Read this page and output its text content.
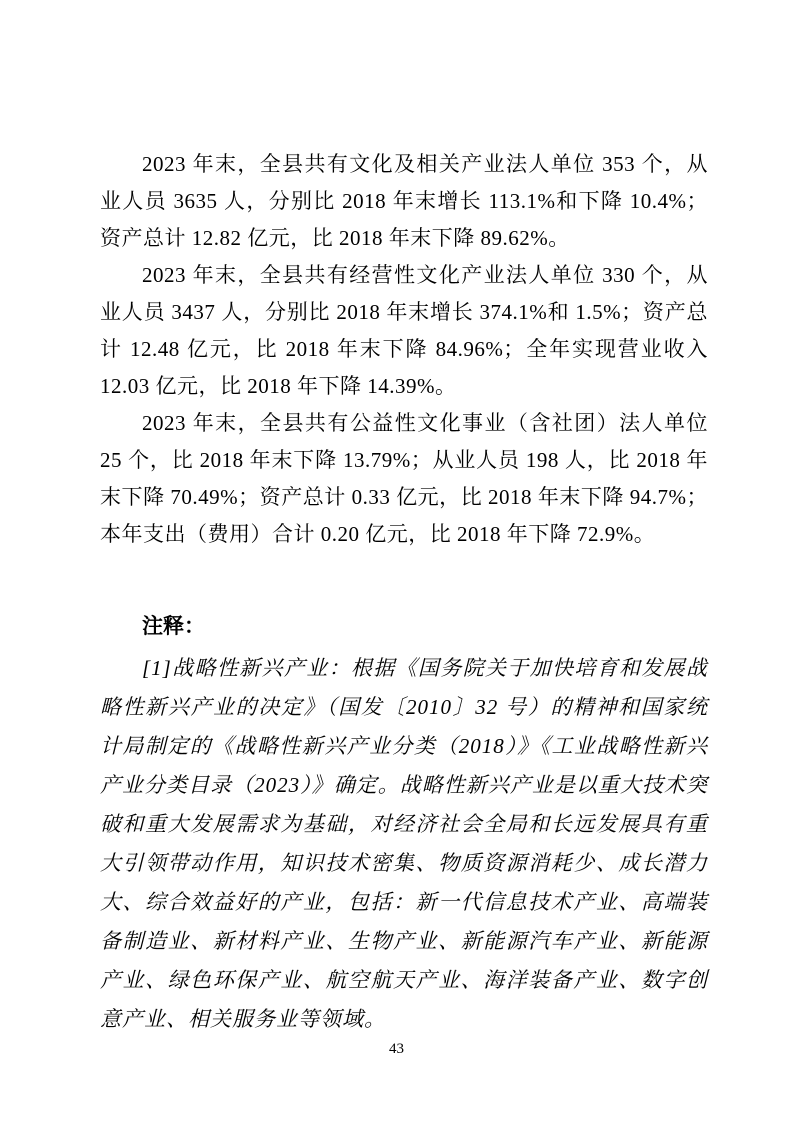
2023 年末，全县共有文化及相关产业法人单位 353 个，从业人员 3635 人，分别比 2018 年末增长 113.1%和下降 10.4%；资产总计 12.82 亿元，比 2018 年末下降 89.62%。

2023 年末，全县共有经营性文化产业法人单位 330 个，从业人员 3437 人，分别比 2018 年末增长 374.1%和 1.5%；资产总计 12.48 亿元，比 2018 年末下降 84.96%；全年实现营业收入 12.03 亿元，比 2018 年下降 14.39%。

2023 年末，全县共有公益性文化事业（含社团）法人单位 25 个，比 2018 年末下降 13.79%；从业人员 198 人，比 2018 年末下降 70.49%；资产总计 0.33 亿元，比 2018 年末下降 94.7%；本年支出（费用）合计 0.20 亿元，比 2018 年下降 72.9%。

注释：

[1]战略性新兴产业：根据《国务院关于加快培育和发展战略性新兴产业的决定》（国发〔2010〕32 号）的精神和国家统计局制定的《战略性新兴产业分类（2018）》《工业战略性新兴产业分类目录（2023）》确定。战略性新兴产业是以重大技术突破和重大发展需求为基础，对经济社会全局和长远发展具有重大引领带动作用，知识技术密集、物质资源消耗少、成长潜力大、综合效益好的产业，包括：新一代信息技术产业、高端装备制造业、新材料产业、生物产业、新能源汽车产业、新能源产业、绿色环保产业、航空航天产业、海洋装备产业、数字创意产业、相关服务业等领域。

43
